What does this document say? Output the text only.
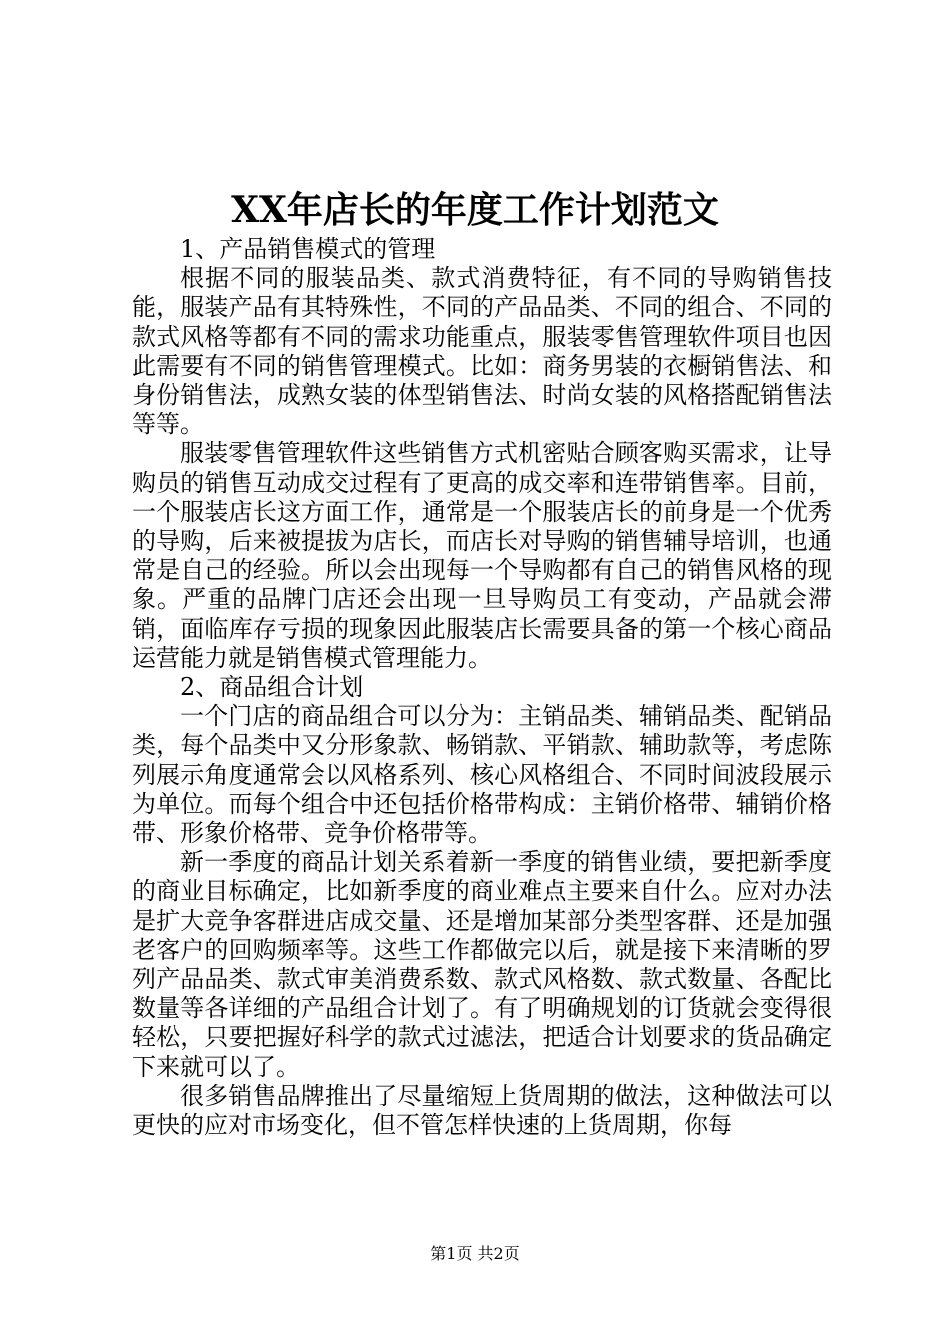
XX年店长的年度工作计划范文

1、产品销售模式的管理

根据不同的服装品类、款式消费特征，有不同的导购销售技能，服装产品有其特殊性，不同的产品品类、不同的组合、不同的款式风格等都有不同的需求功能重点，服装零售管理软件项目也因此需要有不同的销售管理模式。比如：商务男装的衣橱销售法、和身份销售法，成熟女装的体型销售法、时尚女装的风格搭配销售法等等。

服装零售管理软件这些销售方式机密贴合顾客购买需求，让导购员的销售互动成交过程有了更高的成交率和连带销售率。目前，一个服装店长这方面工作，通常是一个服装店长的前身是一个优秀的导购，后来被提拔为店长，而店长对导购的销售辅导培训，也通常是自己的经验。所以会出现每一个导购都有自己的销售风格的现象。严重的品牌门店还会出现一旦导购员工有变动，产品就会滞销，面临库存亏损的现象因此服装店长需要具备的第一个核心商品运营能力就是销售模式管理能力。

2、商品组合计划

一个门店的商品组合可以分为：主销品类、辅销品类、配销品类，每个品类中又分形象款、畅销款、平销款、辅助款等，考虑陈列展示角度通常会以风格系列、核心风格组合、不同时间波段展示为单位。而每个组合中还包括价格带构成：主销价格带、辅销价格带、形象价格带、竞争价格带等。

新一季度的商品计划关系着新一季度的销售业绩，要把新季度的商业目标确定，比如新季度的商业难点主要来自什么。应对办法是扩大竞争客群进店成交量、还是增加某部分类型客群、还是加强老客户的回购频率等。这些工作都做完以后，就是接下来清晰的罗列产品品类、款式审美消费系数、款式风格数、款式数量、各配比数量等各详细的产品组合计划了。有了明确规划的订货就会变得很轻松，只要把握好科学的款式过滤法，把适合计划要求的货品确定下来就可以了。

很多销售品牌推出了尽量缩短上货周期的做法，这种做法可以更快的应对市场变化，但不管怎样快速的上货周期，你每

第1页 共2页
